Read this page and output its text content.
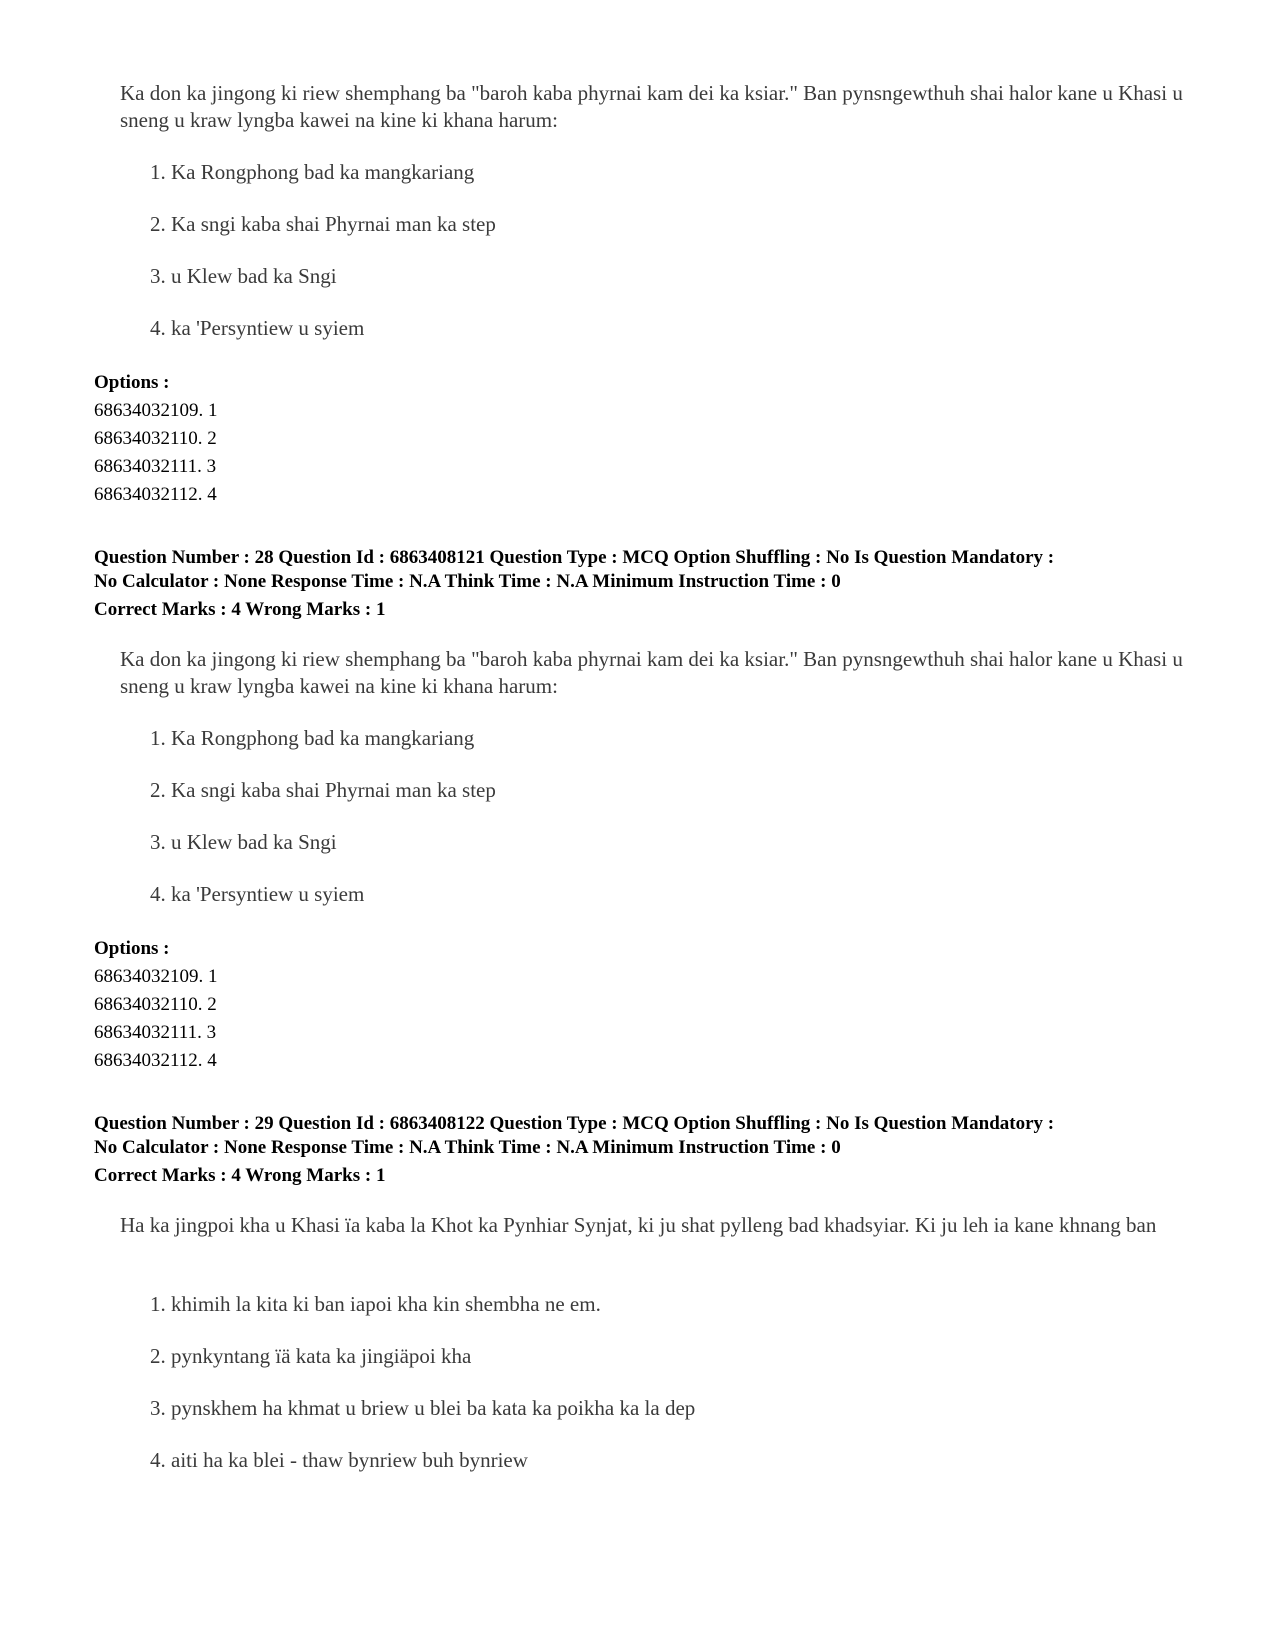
Ka don ka jingong ki riew shemphang ba "baroh kaba phyrnai kam dei ka ksiar." Ban pynsngewthuh shai halor kane u Khasi u sneng u kraw lyngba kawei na kine ki khana harum:
1. Ka Rongphong bad ka mangkariang
2. Ka sngi kaba shai Phyrnai man ka step
3. u Klew bad ka Sngi
4. ka 'Persyntiew u syiem
Options :
68634032109. 1
68634032110. 2
68634032111. 3
68634032112. 4
Question Number : 28 Question Id : 6863408121 Question Type : MCQ Option Shuffling : No Is Question Mandatory :
No Calculator : None Response Time : N.A Think Time : N.A Minimum Instruction Time : 0
Correct Marks : 4 Wrong Marks : 1
Ka don ka jingong ki riew shemphang ba "baroh kaba phyrnai kam dei ka ksiar." Ban pynsngewthuh shai halor kane u Khasi u sneng u kraw lyngba kawei na kine ki khana harum:
1. Ka Rongphong bad ka mangkariang
2. Ka sngi kaba shai Phyrnai man ka step
3. u Klew bad ka Sngi
4. ka 'Persyntiew u syiem
Options :
68634032109. 1
68634032110. 2
68634032111. 3
68634032112. 4
Question Number : 29 Question Id : 6863408122 Question Type : MCQ Option Shuffling : No Is Question Mandatory :
No Calculator : None Response Time : N.A Think Time : N.A Minimum Instruction Time : 0
Correct Marks : 4 Wrong Marks : 1
Ha ka jingpoi kha u Khasi ïa kaba la Khot ka Pynhiar Synjat, ki ju shat pylleng bad khadsyiar. Ki ju leh ia kane khnang ban
1. khimih la kita ki ban iapoi kha kin shembha ne em.
2. pynkyntang ïä kata ka jingiäpoi kha
3. pynskhem ha khmat u briew u blei ba kata ka poikha ka la dep
4. aiti ha ka blei - thaw bynriew buh bynriew
